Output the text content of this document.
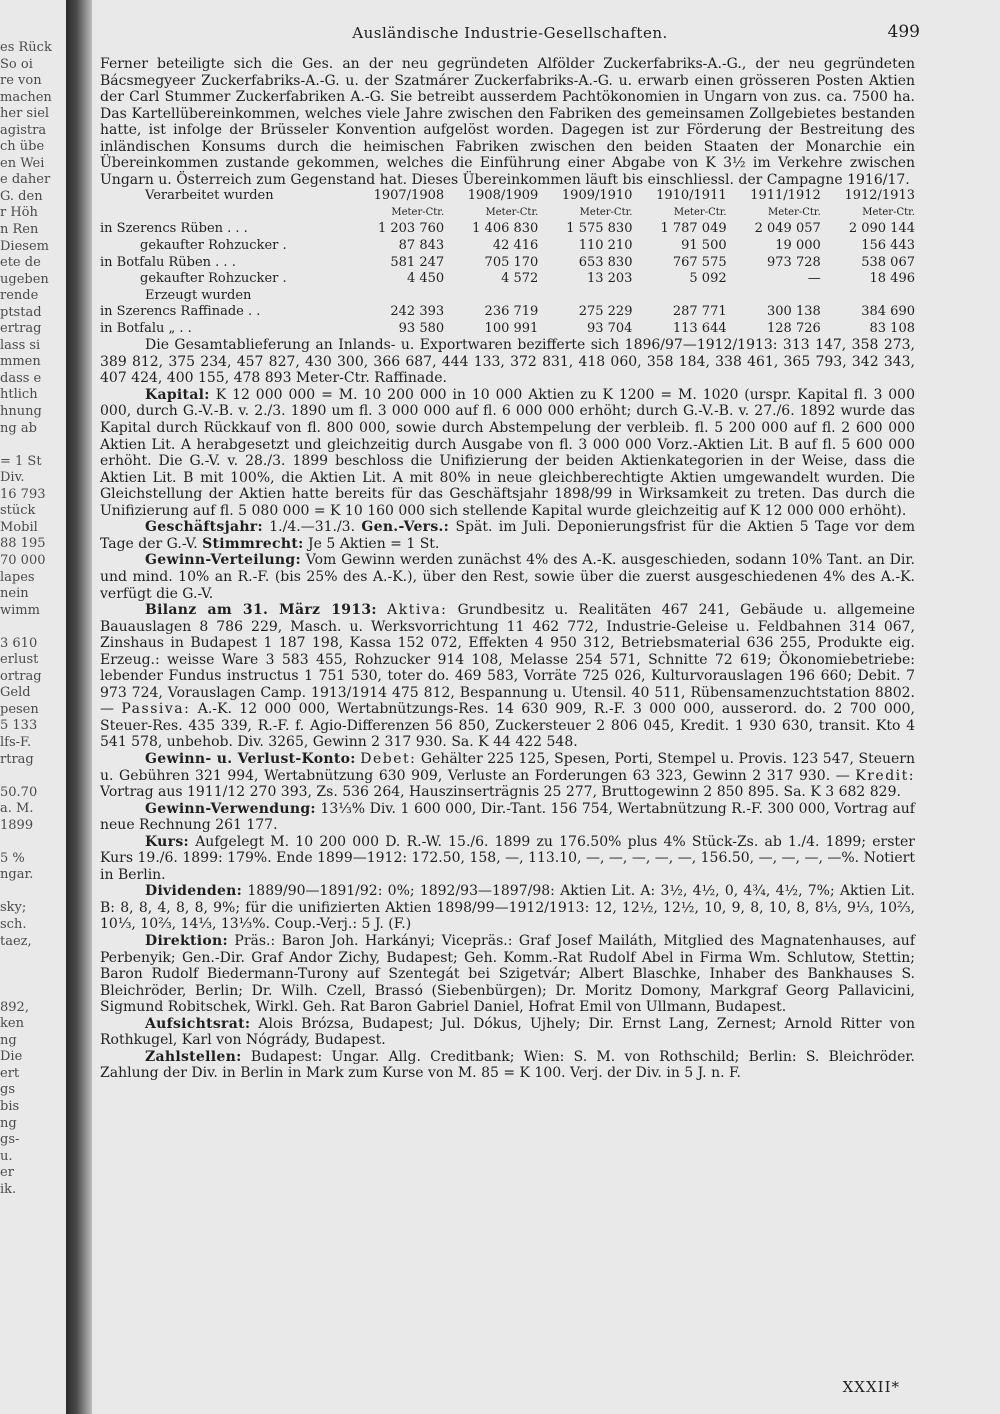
es Rück
So oi
re von
machen
her siel
agistra
ch übe
en Wei
e daher
G. den
r Höh
n Ren
Diesem
ete de
ugeben
rende
ptstad
ertrag
lass si
mmen
dass e
htlich
hnung
ng ab

= 1 St
Div.
16 793
stück
Mobil
88 195
70 000
lapes
nein
wimm

3 610
erlust
ortrag
Geld
pesen
5 133
lfs-F.
rtrag

50.70
a. M.
1899

5 %
ngar.

sky;
sch.
taez,

892,
ken
ng
Die
ert
gs
bis
ng
gs-
u.
er
ik.
Ausländische Industrie-Gesellschaften.	499

Ferner beteiligte sich die Ges. an der neu gegründeten Alfölder Zuckerfabriks-A.-G., der neu gegründeten Bácsmegyeer Zuckerfabriks-A.-G. u. der Szatmárer Zuckerfabriks-A.-G. u. erwarb einen grösseren Posten Aktien der Carl Stummer Zuckerfabriken A.-G. Sie betreibt ausserdem Pachtökonomien in Ungarn von zus. ca. 7500 ha. Das Kartellübereinkommen, welches viele Jahre zwischen den Fabriken des gemeinsamen Zollgebietes bestanden hatte, ist infolge der Brüsseler Konvention aufgelöst worden. Dagegen ist zur Förderung der Bestreitung des inländischen Konsums durch die heimischen Fabriken zwischen den beiden Staaten der Monarchie ein Übereinkommen zustande gekommen, welches die Einführung einer Abgabe von K 3½ im Verkehre zwischen Ungarn u. Österreich zum Gegenstand hat. Dieses Übereinkommen läuft bis einschliessl. der Campagne 1916/17.

Verarbeitet wurden	1907/1908	1908/1909	1909/1910	1910/1911	1911/1912	1912/1913
	Meter-Ctr.	Meter-Ctr.	Meter-Ctr.	Meter-Ctr.	Meter-Ctr.	Meter-Ctr.
in Szerencs Rüben . . .	1 203 760	1 406 830	1 575 830	1 787 049	2 049 057	2 090 144
gekaufter Rohzucker .	87 843	42 416	110 210	91 500	19 000	156 443
in Botfalu Rüben . . .	581 247	705 170	653 830	767 575	973 728	538 067
gekaufter Rohzucker .	4 450	4 572	13 203	5 092	—	18 496
Erzeugt wurden						
in Szerencs Raffinade . .	242 393	236 719	275 229	287 771	300 138	384 690
in Botfalu „ . .	93 580	100 991	93 704	113 644	128 726	83 108

Die Gesamtablieferung an Inlands- u. Exportwaren bezifferte sich 1896/97—1912/1913: 313 147, 358 273, 389 812, 375 234, 457 827, 430 300, 366 687, 444 133, 372 831, 418 060, 358 184, 338 461, 365 793, 342 343, 407 424, 400 155, 478 893 Meter-Ctr. Raffinade.

Kapital: K 12 000 000 = M. 10 200 000 in 10 000 Aktien zu K 1200 = M. 1020 (urspr. Kapital fl. 3 000 000, durch G.-V.-B. v. 2./3. 1890 um fl. 3 000 000 auf fl. 6 000 000 erhöht; durch G.-V.-B. v. 27./6. 1892 wurde das Kapital durch Rückkauf von fl. 800 000, sowie durch Abstempelung der verbleib. fl. 5 200 000 auf fl. 2 600 000 Aktien Lit. A herabgesetzt und gleichzeitig durch Ausgabe von fl. 3 000 000 Vorz.-Aktien Lit. B auf fl. 5 600 000 erhöht. Die G.-V. v. 28./3. 1899 beschloss die Unifizierung der beiden Aktienkategorien in der Weise, dass die Aktien Lit. B mit 100%, die Aktien Lit. A mit 80% in neue gleichberechtigte Aktien umgewandelt wurden. Die Gleichstellung der Aktien hatte bereits für das Geschäftsjahr 1898/99 in Wirksamkeit zu treten. Das durch die Unifizierung auf fl. 5 080 000 = K 10 160 000 sich stellende Kapital wurde gleichzeitig auf K 12 000 000 erhöht).

Geschäftsjahr: 1./4.—31./3. Gen.-Vers.: Spät. im Juli. Deponierungsfrist für die Aktien 5 Tage vor dem Tage der G.-V. Stimmrecht: Je 5 Aktien = 1 St.

Gewinn-Verteilung: Vom Gewinn werden zunächst 4% des A.-K. ausgeschieden, sodann 10% Tant. an Dir. und mind. 10% an R.-F. (bis 25% des A.-K.), über den Rest, sowie über die zuerst ausgeschiedenen 4% des A.-K. verfügt die G.-V.

Bilanz am 31. März 1913: Aktiva: Grundbesitz u. Realitäten 467 241, Gebäude u. allgemeine Bauauslagen 8 786 229, Masch. u. Werksvorrichtung 11 462 772, Industrie-Geleise u. Feldbahnen 314 067, Zinshaus in Budapest 1 187 198, Kassa 152 072, Effekten 4 950 312, Betriebsmaterial 636 255, Produkte eig. Erzeug.: weisse Ware 3 583 455, Rohzucker 914 108, Melasse 254 571, Schnitte 72 619; Ökonomiebetriebe: lebender Fundus instructus 1 751 530, toter do. 469 583, Vorräte 725 026, Kulturvorauslagen 196 660; Debit. 7 973 724, Vorauslagen Camp. 1913/1914 475 812, Bespannung u. Utensil. 40 511, Rübensamenzuchtstation 8802. — Passiva: A.-K. 12 000 000, Wertabnützungs-Res. 14 630 909, R.-F. 3 000 000, ausserord. do. 2 700 000, Steuer-Res. 435 339, R.-F. f. Agio-Differenzen 56 850, Zuckersteuer 2 806 045, Kredit. 1 930 630, transit. Kto 4 541 578, unbehob. Div. 3265, Gewinn 2 317 930. Sa. K 44 422 548.

Gewinn- u. Verlust-Konto: Debet: Gehälter 225 125, Spesen, Porti, Stempel u. Provis. 123 547, Steuern u. Gebühren 321 994, Wertabnützung 630 909, Verluste an Forderungen 63 323, Gewinn 2 317 930. — Kredit: Vortrag aus 1911/12 270 393, Zs. 536 264, Hauszinserträgnis 25 277, Bruttogewinn 2 850 895. Sa. K 3 682 829.

Gewinn-Verwendung: 13⅓% Div. 1 600 000, Dir.-Tant. 156 754, Wertabnützung R.-F. 300 000, Vortrag auf neue Rechnung 261 177.

Kurs: Aufgelegt M. 10 200 000 D. R.-W. 15./6. 1899 zu 176.50% plus 4% Stück-Zs. ab 1./4. 1899; erster Kurs 19./6. 1899: 179%. Ende 1899—1912: 172.50, 158, —, 113.10, —, —, —, —, —, 156.50, —, —, —, —%. Notiert in Berlin.

Dividenden: 1889/90—1891/92: 0%; 1892/93—1897/98: Aktien Lit. A: 3½, 4½, 0, 4¾, 4½, 7%; Aktien Lit. B: 8, 8, 4, 8, 8, 9%; für die unifizierten Aktien 1898/99—1912/1913: 12, 12½, 12½, 10, 9, 8, 10, 8, 8⅓, 9⅓, 10⅔, 10⅓, 10⅔, 14⅓, 13⅓%. Coup.-Verj.: 5 J. (F.)

Direktion: Präs.: Baron Joh. Harkányi; Vicepräs.: Graf Josef Mailáth, Mitglied des Magnatenhauses, auf Perbenyik; Gen.-Dir. Graf Andor Zichy, Budapest; Geh. Komm.-Rat Rudolf Abel in Firma Wm. Schlutow, Stettin; Baron Rudolf Biedermann-Turony auf Szentegát bei Szigetvár; Albert Blaschke, Inhaber des Bankhauses S. Bleichröder, Berlin; Dr. Wilh. Czell, Brassó (Siebenbürgen); Dr. Moritz Domony, Markgraf Georg Pallavicini, Sigmund Robitschek, Wirkl. Geh. Rat Baron Gabriel Daniel, Hofrat Emil von Ullmann, Budapest.

Aufsichtsrat: Alois Brózsa, Budapest; Jul. Dókus, Ujhely; Dir. Ernst Lang, Zernest; Arnold Ritter von Rothkugel, Karl von Nógrády, Budapest.

Zahlstellen: Budapest: Ungar. Allg. Creditbank; Wien: S. M. von Rothschild; Berlin: S. Bleichröder. Zahlung der Div. in Berlin in Mark zum Kurse von M. 85 = K 100. Verj. der Div. in 5 J. n. F.

XXXII*
